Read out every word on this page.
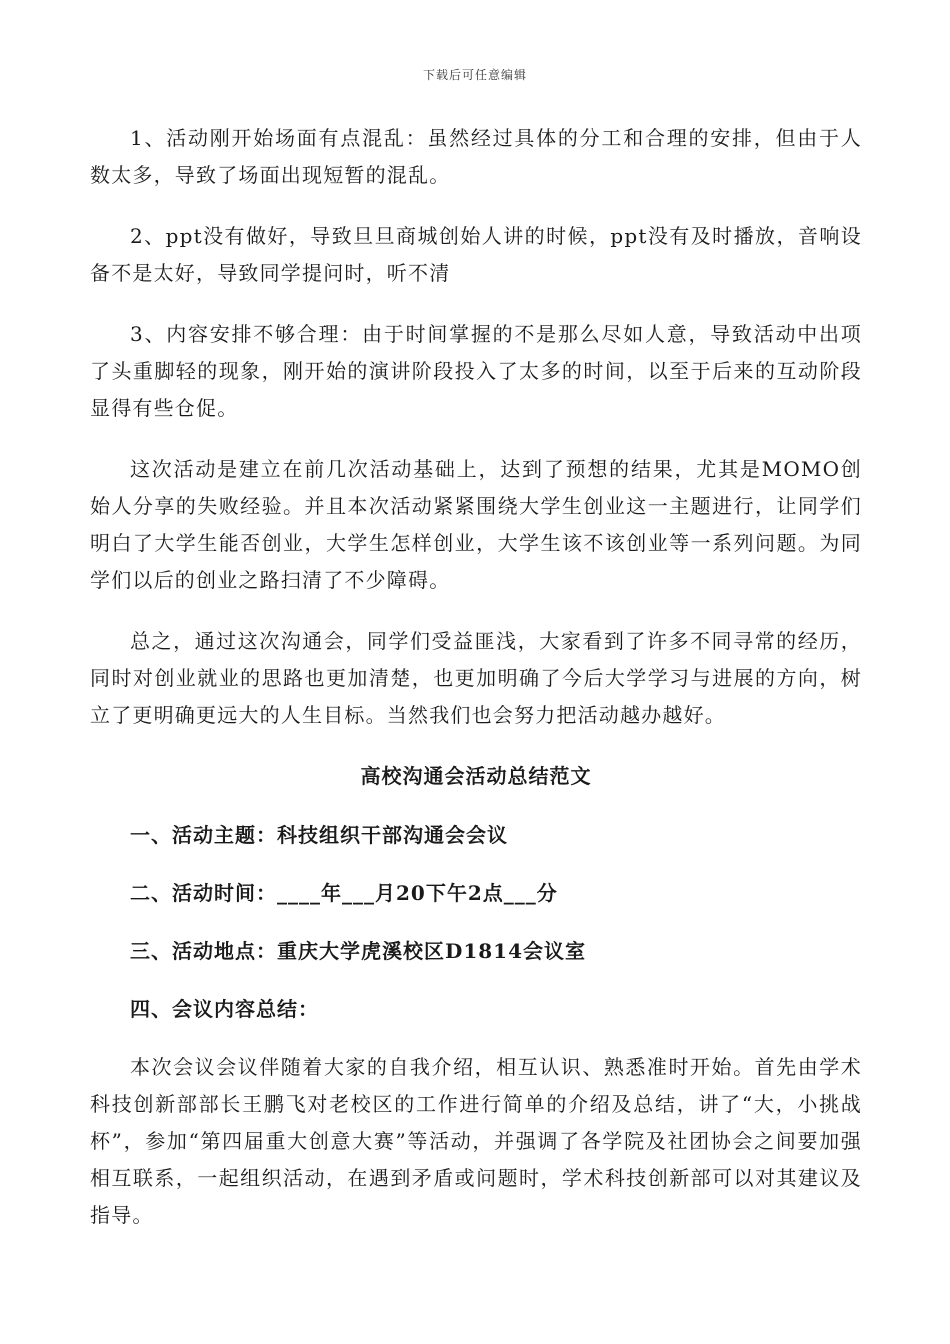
下载后可任意编辑

1、活动刚开始场面有点混乱：虽然经过具体的分工和合理的安排，但由于人数太多，导致了场面出现短暂的混乱。

2、ppt没有做好，导致旦旦商城创始人讲的时候，ppt没有及时播放，音响设备不是太好，导致同学提问时，听不清

3、内容安排不够合理：由于时间掌握的不是那么尽如人意，导致活动中出项了头重脚轻的现象，刚开始的演讲阶段投入了太多的时间，以至于后来的互动阶段显得有些仓促。

这次活动是建立在前几次活动基础上，达到了预想的结果，尤其是MOMO创始人分享的失败经验。并且本次活动紧紧围绕大学生创业这一主题进行，让同学们明白了大学生能否创业，大学生怎样创业，大学生该不该创业等一系列问题。为同学们以后的创业之路扫清了不少障碍。

总之，通过这次沟通会，同学们受益匪浅，大家看到了许多不同寻常的经历，同时对创业就业的思路也更加清楚，也更加明确了今后大学学习与进展的方向，树立了更明确更远大的人生目标。当然我们也会努力把活动越办越好。

高校沟通会活动总结范文
一、活动主题：科技组织干部沟通会会议
二、活动时间：____年___月20下午2点___分
三、活动地点：重庆大学虎溪校区D1814会议室
四、会议内容总结：

本次会议会议伴随着大家的自我介绍，相互认识、熟悉准时开始。首先由学术科技创新部部长王鹏飞对老校区的工作进行简单的介绍及总结，讲了“大，小挑战杯”，参加“第四届重大创意大赛”等活动，并强调了各学院及社团协会之间要加强相互联系，一起组织活动，在遇到矛盾或问题时，学术科技创新部可以对其建议及指导。
